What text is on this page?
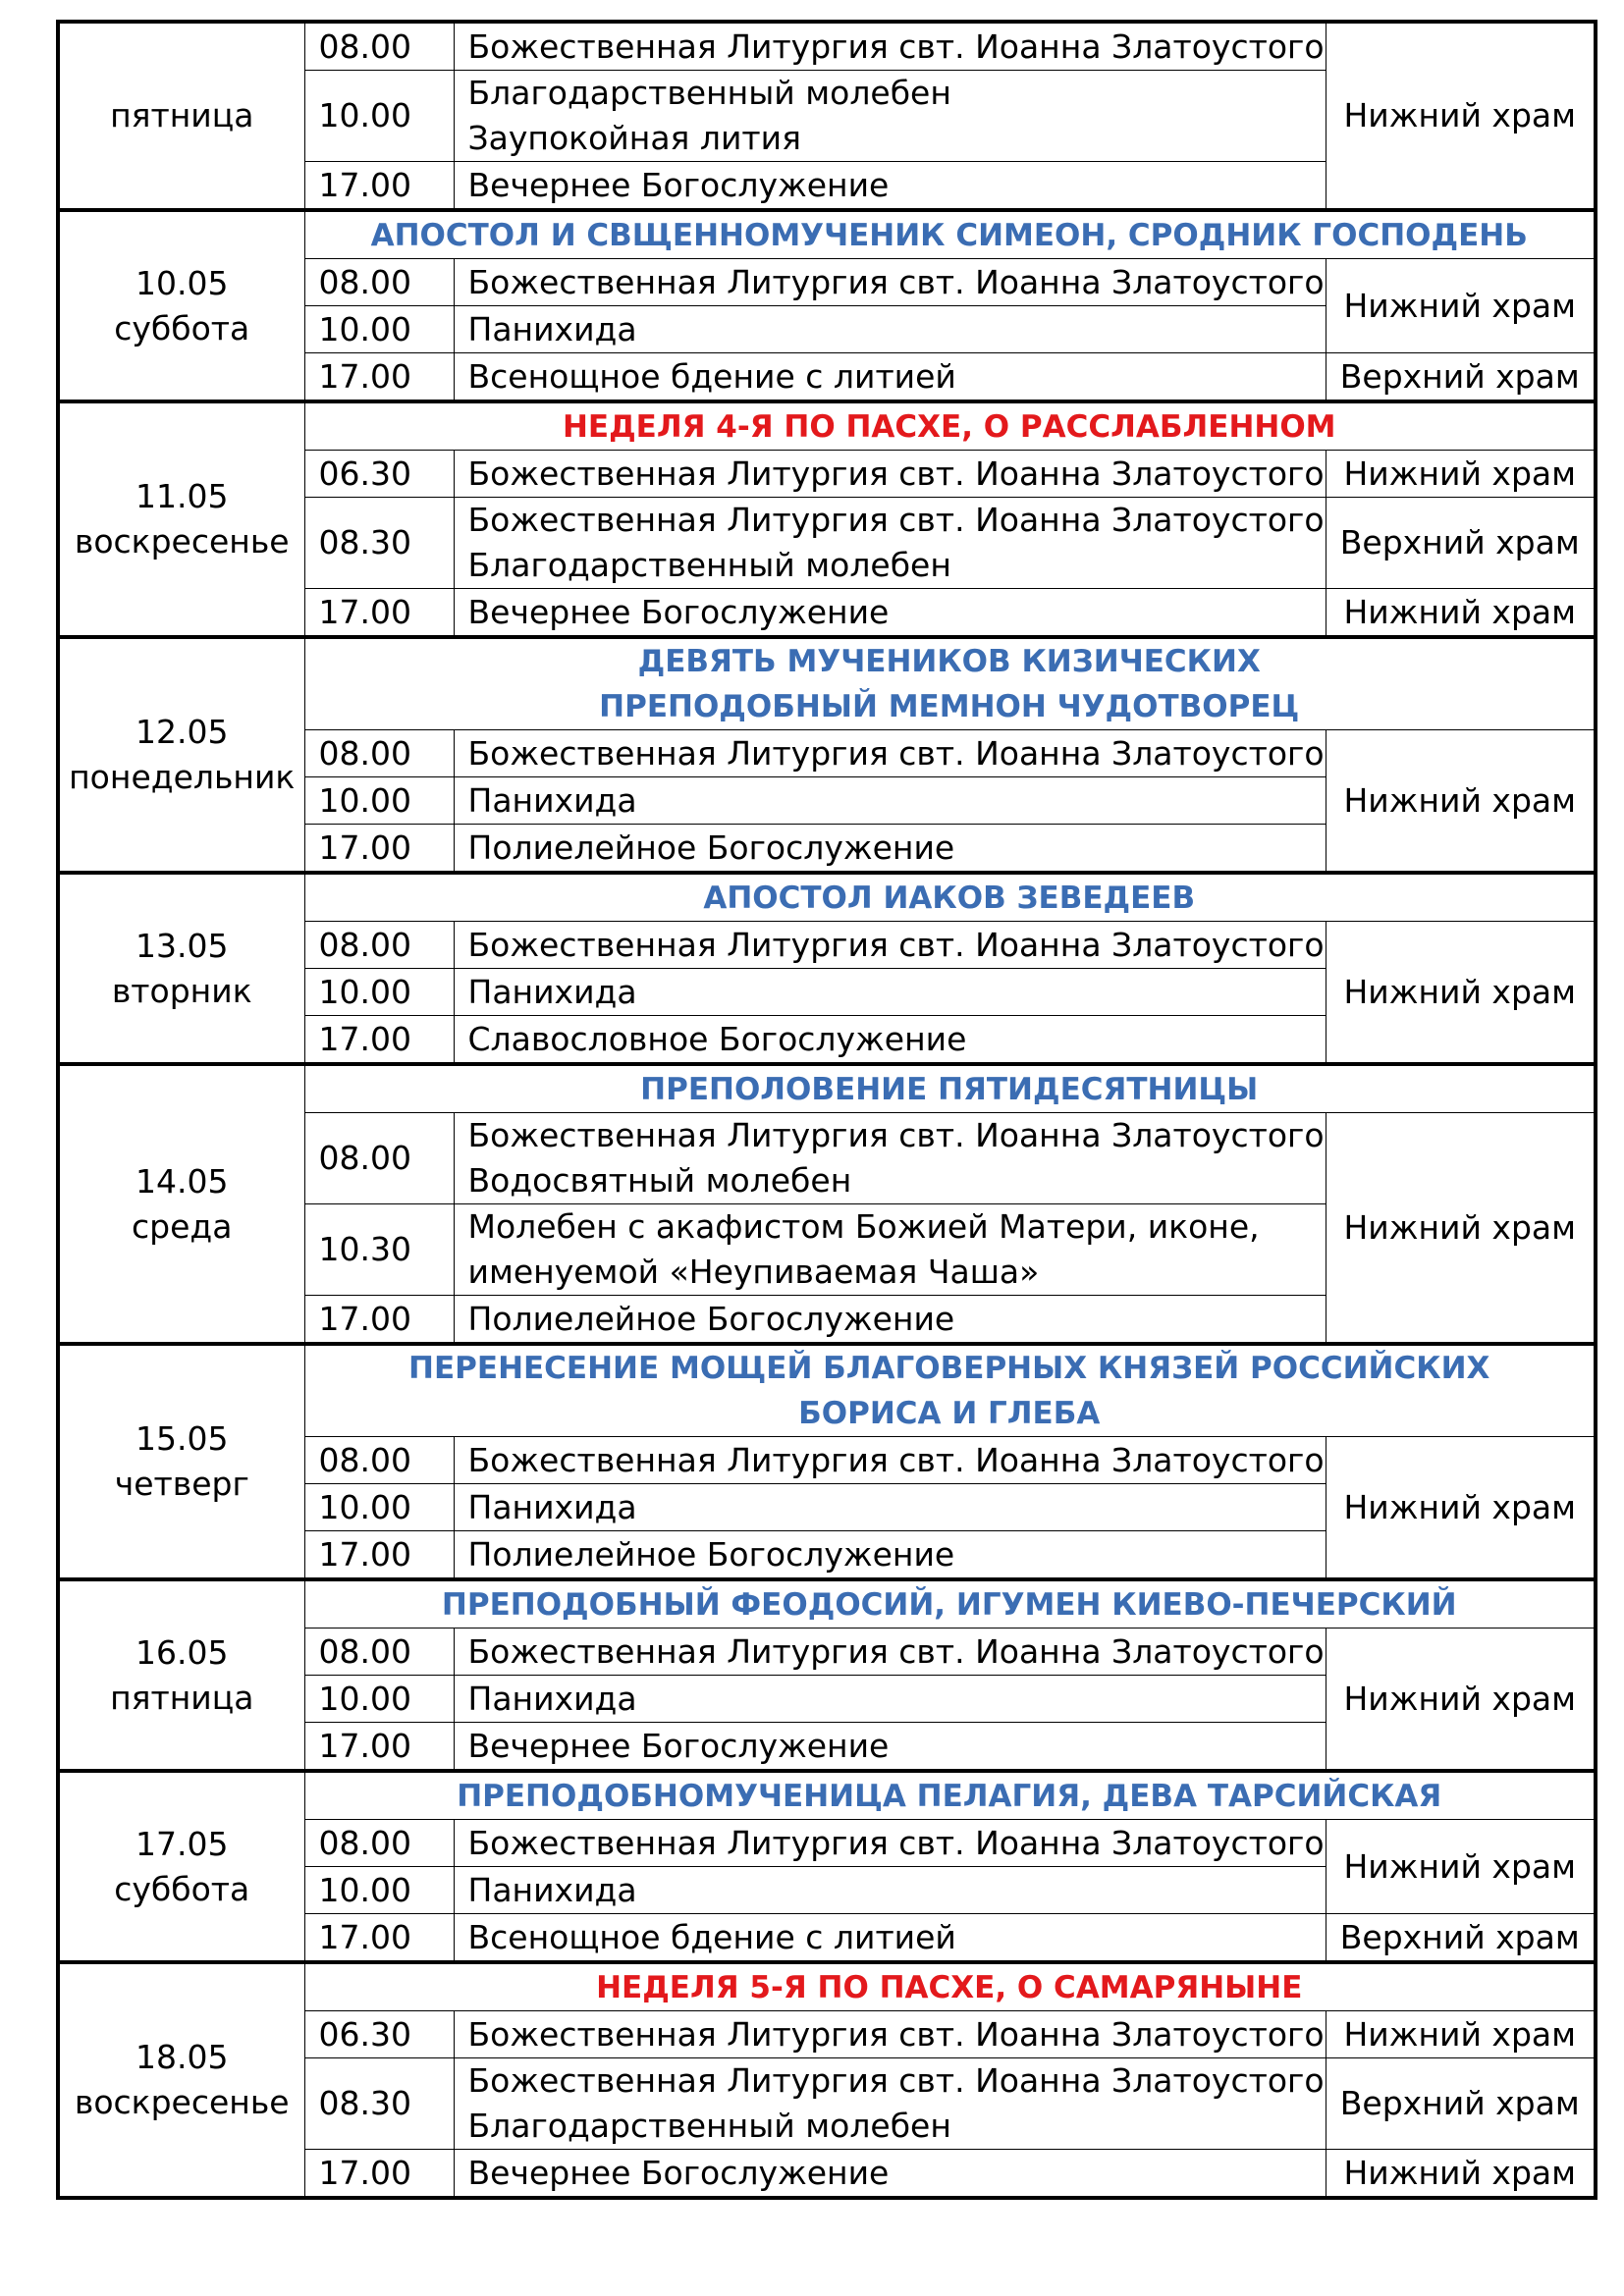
пятница	08.00	Божественная Литургия свт. Иоанна Златоустого	Нижний храм
	10.00	Благодарственный молебен
Заупокойная лития	

	17.00	Вечернее Богослужение	

10.05
суббота	АПОСТОЛ И СВЩЕННОМУЧЕНИК СИМЕОН, СРОДНИК ГОСПОДЕНЬ		

	08.00	Божественная Литургия свт. Иоанна Златоустого	Нижний храм
	10.00	Панихида	

	17.00	Всенощное бдение с литией	Верхний храм

11.05
воскресенье	НЕДЕЛЯ 4-Я ПО ПАСХЕ, О РАССЛАБЛЕННОМ		

	06.30	Божественная Литургия свт. Иоанна Златоустого	Нижний храм
	08.30	Божественная Литургия свт. Иоанна Златоустого
Благодарственный молебен	Верхний храм
	17.00	Вечернее Богослужение	Нижний храм

12.05
понедельник	ДЕВЯТЬ МУЧЕНИКОВ КИЗИЧЕСКИХ
ПРЕПОДОБНЫЙ МЕМНОН ЧУДОТВОРЕЦ		

	08.00	Божественная Литургия свт. Иоанна Златоустого	Нижний храм
	10.00	Панихида	

	17.00	Полиелейное Богослужение	

13.05
вторник	АПОСТОЛ ИАКОВ ЗЕВЕДЕЕВ		

	08.00	Божественная Литургия свт. Иоанна Златоустого	Нижний храм
	10.00	Панихида	

	17.00	Славословное Богослужение	

14.05
среда	ПРЕПОЛОВЕНИЕ ПЯТИДЕСЯТНИЦЫ		

	08.00	Божественная Литургия свт. Иоанна Златоустого
Водосвятный молебен	Нижний храм
	10.30	Молебен с акафистом Божией Матери, иконе,
именуемой «Неупиваемая Чаша»	

	17.00	Полиелейное Богослужение	

15.05
четверг	ПЕРЕНЕСЕНИЕ МОЩЕЙ БЛАГОВЕРНЫХ КНЯЗЕЙ РОССИЙСКИХ
БОРИСА И ГЛЕБА		

	08.00	Божественная Литургия свт. Иоанна Златоустого	Нижний храм
	10.00	Панихида	

	17.00	Полиелейное Богослужение	

16.05
пятница	ПРЕПОДОБНЫЙ ФЕОДОСИЙ, ИГУМЕН КИЕВО-ПЕЧЕРСКИЙ		

	08.00	Божественная Литургия свт. Иоанна Златоустого	Нижний храм
	10.00	Панихида	

	17.00	Вечернее Богослужение	

17.05
суббота	ПРЕПОДОБНОМУЧЕНИЦА ПЕЛАГИЯ, ДЕВА ТАРСИЙСКАЯ		

	08.00	Божественная Литургия свт. Иоанна Златоустого	Нижний храм
	10.00	Панихида	

	17.00	Всенощное бдение с литией	Верхний храм

18.05
воскресенье	НЕДЕЛЯ 5-Я ПО ПАСХЕ, О САМАРЯНЫНЕ		

	06.30	Божественная Литургия свт. Иоанна Златоустого	Нижний храм
	08.30	Божественная Литургия свт. Иоанна Златоустого
Благодарственный молебен	Верхний храм
	17.00	Вечернее Богослужение	Нижний храм
